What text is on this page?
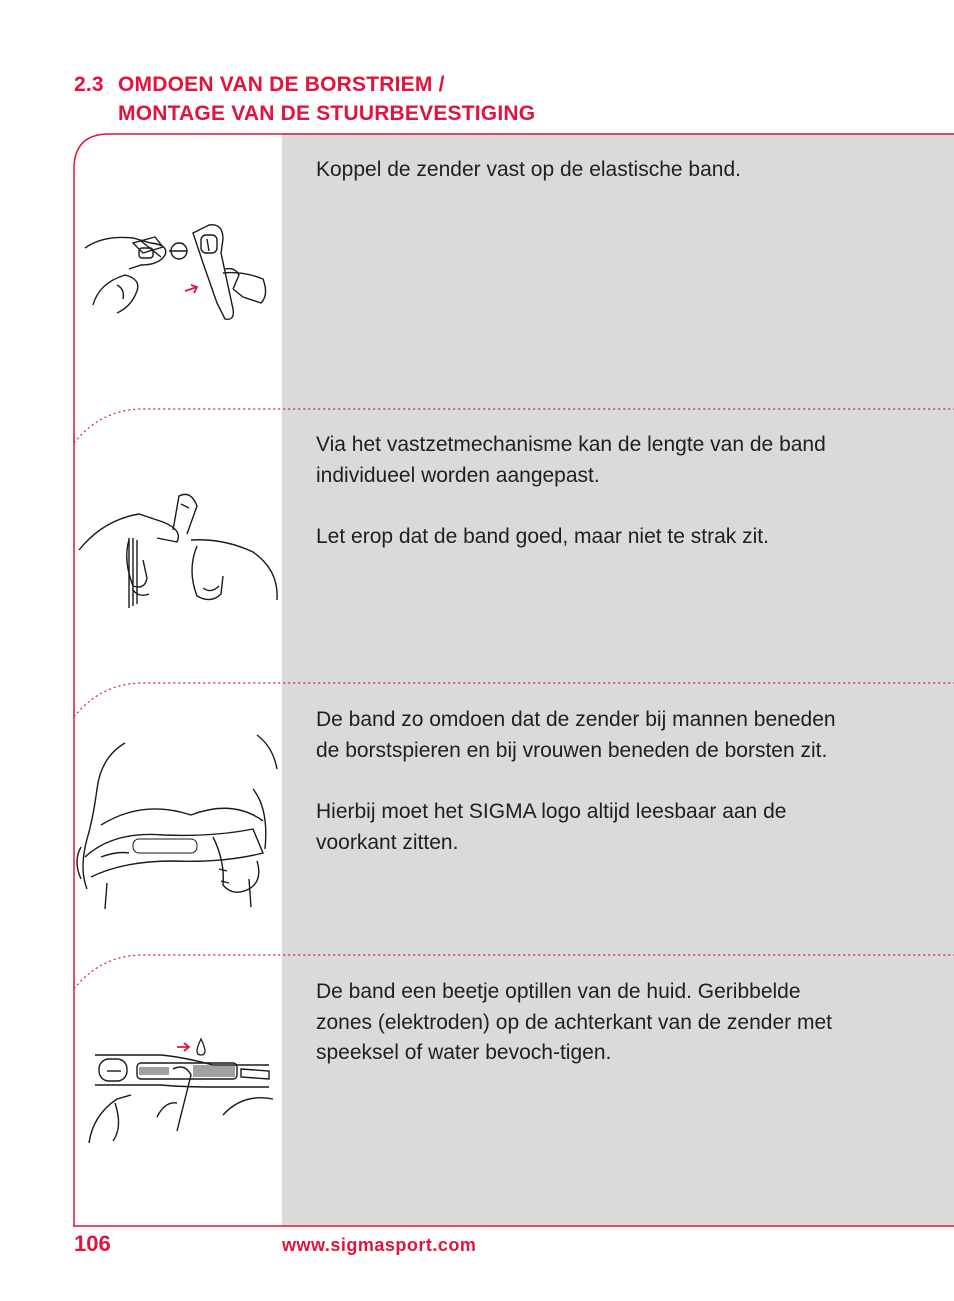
2.3 OMDOEN VAN DE BORSTRIEM /
MONTAGE VAN DE STUURBEVESTIGING

Koppel de zender vast op de elastische band.

Via het vastzetmechanisme kan de lengte van de band individueel worden aangepast.

Let erop dat de band goed, maar niet te strak zit.

De band zo omdoen dat de zender bij mannen beneden de borstspieren en bij vrouwen beneden de borsten zit.

Hierbij moet het SIGMA logo altijd leesbaar aan de voorkant zitten.

De band een beetje optillen van de huid. Geribbelde zones (elektroden) op de achterkant van de zender met speeksel of water bevoch-tigen.

106	www.sigmasport.com
